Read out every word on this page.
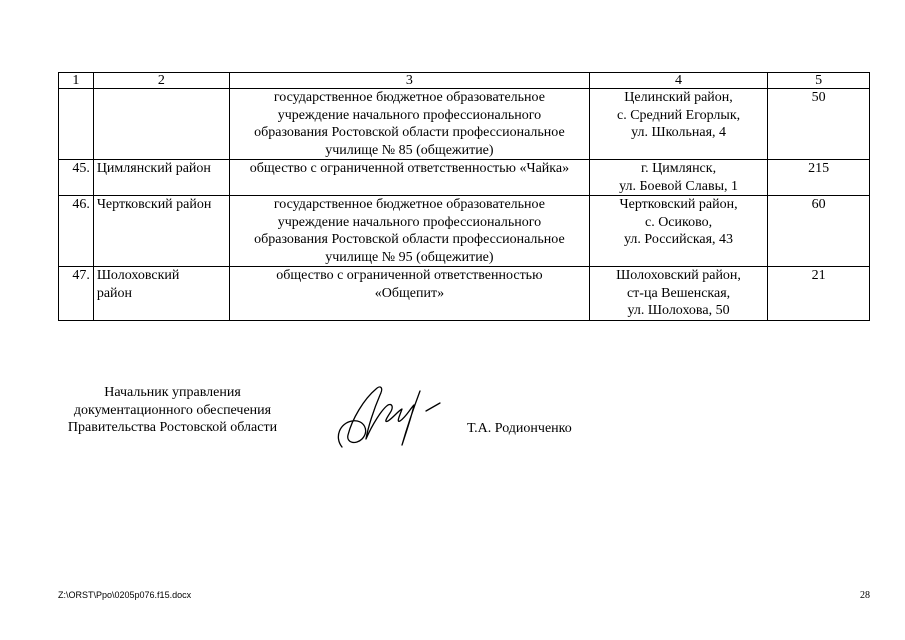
1	2	3	4	5

		государственное бюджетное образовательное
учреждение начального профессионального
образования Ростовской области профессиональное
училище № 85 (общежитие)	Целинский район,
с. Средний Егорлык,
ул. Школьная, 4	50
45.	Цимлянский район	общество с ограниченной ответственностью «Чайка»	г. Цимлянск,
ул. Боевой Славы, 1	215
46.	Чертковский район	государственное бюджетное образовательное
учреждение начального профессионального
образования Ростовской области профессиональное
училище № 95 (общежитие)	Чертковский район,
с. Осиково,
ул. Российская, 43	60
47.	Шолоховский
район	общество с ограниченной ответственностью
«Общепит»	Шолоховский район,
ст-ца Вешенская,
ул. Шолохова, 50	21
Начальник управления
документационного обеспечения
Правительства Ростовской области	Т.А. Родионченко
Z:\ORST\Ppo\0205p076.f15.docx	28
